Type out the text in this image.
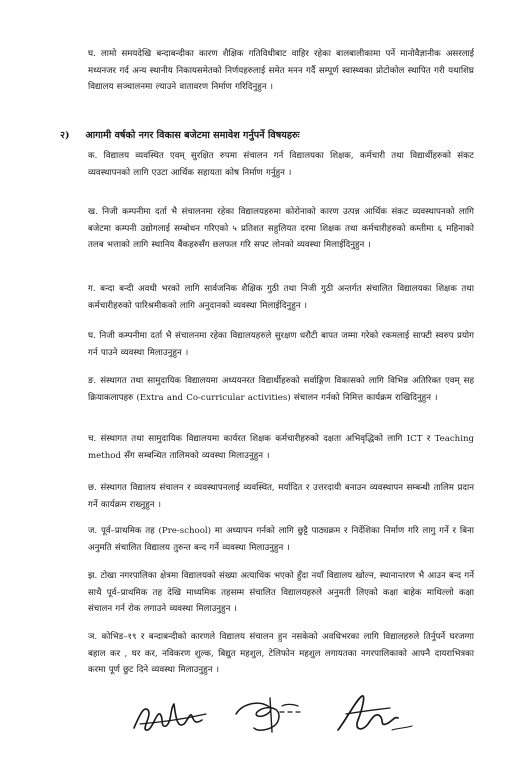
घ. लामो समयदेखि बन्दाबन्दीका कारण शैक्षिक गतिविधीबाट वाहिर रहेका बालबालीकामा पर्ने मानोवैज्ञानीक असरलाई मध्यनजर गर्द अन्य स्थानीय निकायसमेतको निर्णयहरुलाई समेत मनन गर्दै सम्पूर्ण स्वास्थ्यका प्रोटोकोल स्थापित गरी यथाशिघ्र विद्यालय सञ्चालनमा ल्याउने वातावरण निर्माण गरिदिनुहुन ।
२) आगामी वर्षको नगर विकास बजेटमा समावेश गर्नुपर्ने विषयहरुः
क. विद्यालय व्यवस्थित एवम् सुरक्षित रुपमा संचालन गर्न विद्यालयका शिक्षक, कर्मचारी तथा विद्यार्थीहरुको संकट व्यवस्थापनको लागि एउटा आर्थिक सहायता कोष निर्माण गर्नुहुन ।
ख. निजी कम्पनीमा दर्ता भै संचालनमा रहेका विद्यालयहरुमा कोरोनाको कारण उत्पन्न आर्थिक संकट व्यवस्थापनको लागि बजेटमा कम्पनी उद्योगलाई सम्बोधन गरिएको ५ प्रतिशत सहुलियत दरमा शिक्षक तथा कर्मचारीहरुको कम्तीमा ६ महिनाको तलब भत्ताको लागि स्थानिय बैंकहरुसँग छलफल गरि सफ्ट लोनको व्यवस्था मिलाईदिनुहुन ।
ग. बन्दा बन्दी अवधी भरको लागि सार्वजनिक शैक्षिक गुठी तथा निजी गुठी अन्तर्गत संचालित विद्यालयका शिक्षक तथा कर्मचारीहरुको पारिश्रमीकको लागि अनुदानको व्यवस्था मिलाईदिनुहुन ।
घ. निजी कम्पनीमा दर्ता भै संचालनमा रहेका विद्यालयहरुले सुरक्षण धरौटी बापत जम्मा गरेको रकमलाई साफ्टी स्वरुप प्रयोग गर्न पाउने व्यवस्था मिलाउनुहुन ।
ङ. संस्थागत तथा सामुदायिक विद्यालयमा अध्ययनरत विद्यार्थीहरुको सर्वाङ्गिण विकासको लागि विभिन्न अतिरिक्त एवम् सह क्रियाकलापहरु (Extra and Co-curricular activities) संचालन गर्नको निमित्त कार्यक्रम राखिदिनुहुन ।
च. संस्थागत तथा सामुदायिक विद्यालयमा कार्यरत शिक्षक कर्मचारीहरुको दक्षता अभिवृद्धिको लागि ICT र Teaching method सँग सम्बन्धित तालिमको व्यवस्था मिलाउनुहुन ।
छ. संस्थागत विद्यालय संचालन र व्यवस्थापनलाई व्यवस्थित, मर्यादित र उत्तरदायी बनाउन व्यवस्थापन सम्बन्धी तालिम प्रदान गर्ने कार्यक्रम राख्नुहुन ।
ज. पूर्व–प्राथमिक तह (Pre-school) मा अध्यापन गर्नको लागि छुट्टै पाठ्यक्रम र निर्देशिका निर्माण गरि लागु गर्ने र बिना अनुमति संचालित विद्यालय तुरुन्त बन्द गर्ने व्यवस्था मिलाउनुहुन ।
झ. टोखा नगरपालिका क्षेत्रमा विद्यालयको संख्या अत्याधिक भएको हुँदा नयाँ विद्यालय खोल्न, स्थानान्तरण भै आउन बन्द गर्ने साथै पूर्व–प्राथमिक तह देखि माध्यमिक तहसम्म संचालित विद्यालयहरुले अनुमती लिएको कक्षा बाहेक माथिल्लो कक्षा संचालन गर्न रोक लगाउने व्यवस्था मिलाउनुहुन ।
ञ. कोभिड–१९ र बन्दाबन्दीको कारणले विद्यालय संचालन हुन नसकेको अवधिभरका लागि विद्यालहरुले तिर्नुपर्ने घरजग्गा बहाल कर , घर कर, नविकरण शुल्क, बिद्युत महशुल, टेलिफोन महशुल लगायतका नगरपालिकाको आफ्नै दायराभित्रका करमा पूर्ण छुट दिने व्यवस्था मिलाउनुहुन ।
